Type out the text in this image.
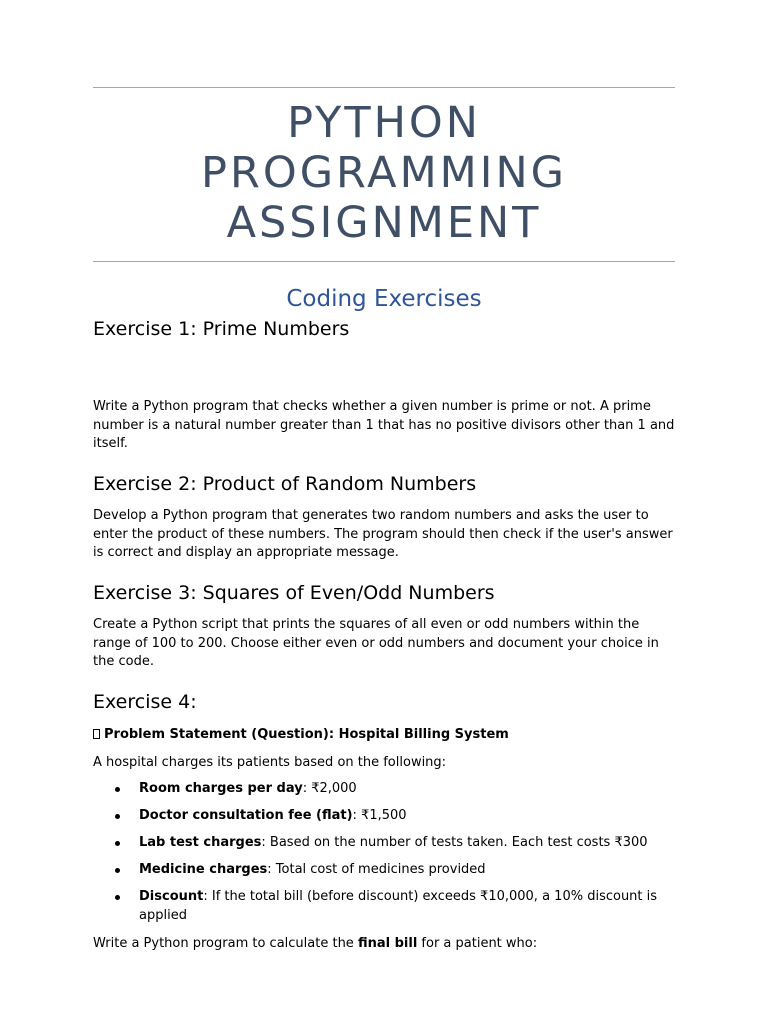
PYTHON
PROGRAMMING
ASSIGNMENT
Coding Exercises
Exercise 1: Prime Numbers
Write a Python program that checks whether a given number is prime or not. A prime number is a natural number greater than 1 that has no positive divisors other than 1 and itself.
Exercise 2: Product of Random Numbers
Develop a Python program that generates two random numbers and asks the user to enter the product of these numbers. The program should then check if the user's answer is correct and display an appropriate message.
Exercise 3: Squares of Even/Odd Numbers
Create a Python script that prints the squares of all even or odd numbers within the range of 100 to 200. Choose either even or odd numbers and document your choice in the code.
Exercise 4:
Problem Statement (Question): Hospital Billing System
A hospital charges its patients based on the following:
Room charges per day: ₹2,000
Doctor consultation fee (flat): ₹1,500
Lab test charges: Based on the number of tests taken. Each test costs ₹300
Medicine charges: Total cost of medicines provided
Discount: If the total bill (before discount) exceeds ₹10,000, a 10% discount is applied
Write a Python program to calculate the final bill for a patient who:
